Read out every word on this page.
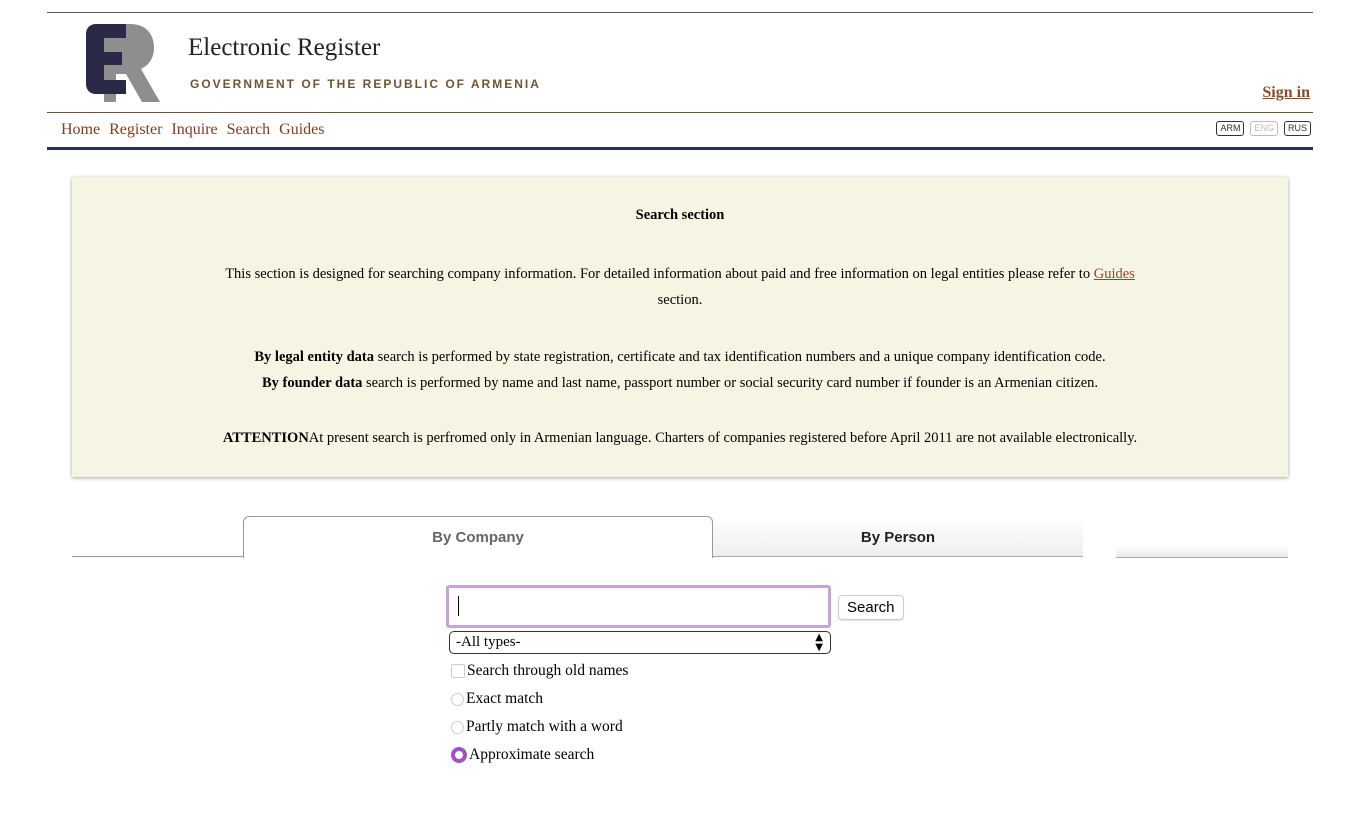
Electronic Register
GOVERNMENT OF THE REPUBLIC OF ARMENIA	Sign in
Home Register Inquire Search Guides	ARM	ENG	RUS
Search section
This section is designed for searching company information. For detailed information about paid and free information on legal entities please refer to Guides
section.
By legal entity data search is performed by state registration, certificate and tax identification numbers and a unique company identification code.
By founder data search is performed by name and last name, passport number or social security card number if founder is an Armenian citizen.
ATTENTIONAt present search is perfromed only in Armenian language. Charters of companies registered before April 2011 are not available electronically.
By Company	By Person
Search
-All types-	▲
▼
Search through old names
Exact match
Partly match with a word
Approximate search
